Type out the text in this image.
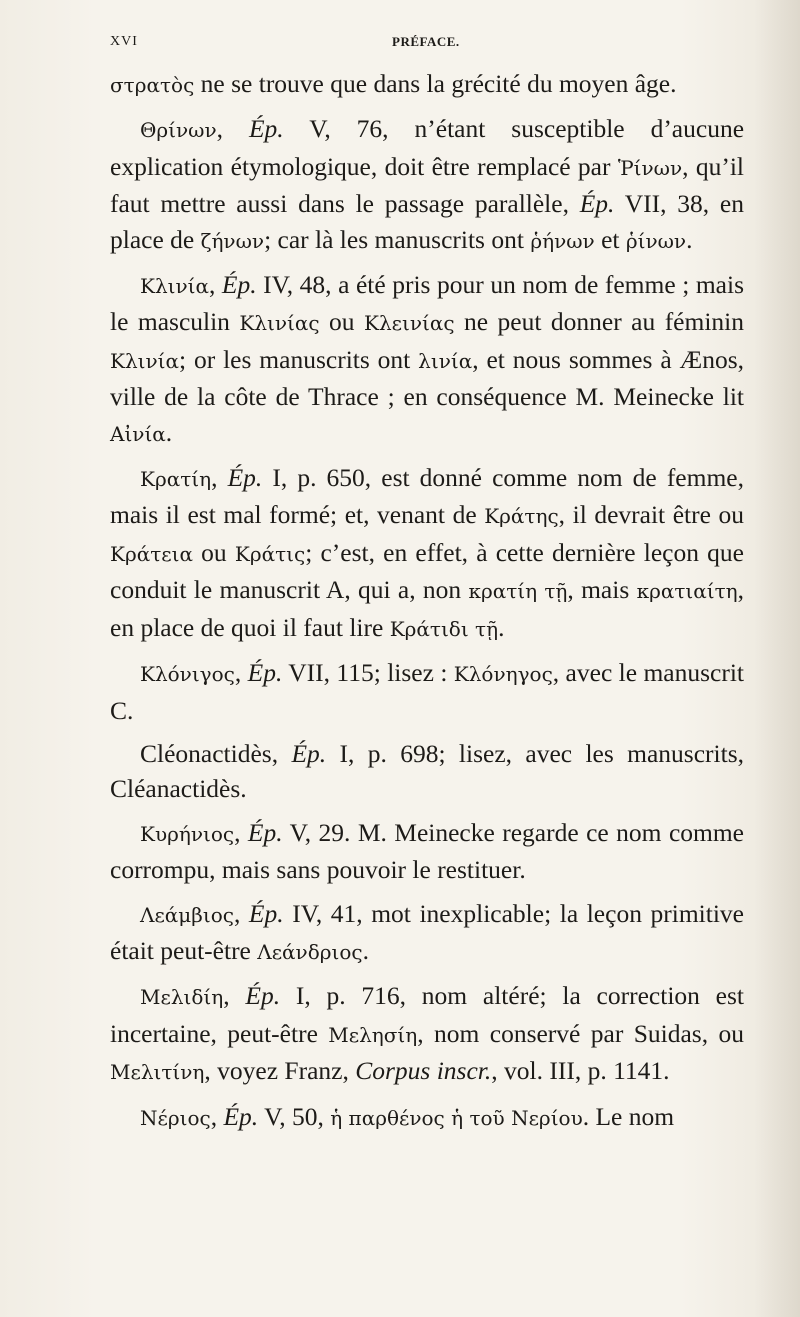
XVI	PRÉFACE.

στρατὸς ne se trouve que dans la grécité du moyen âge.

Θρίνων, Ép. V, 76, n’étant susceptible d’aucune explication étymologique, doit être remplacé par Ῥίνων, qu’il faut mettre aussi dans le passage parallèle, Ép. VII, 38, en place de ζήνων; car là les manuscrits ont ῥήνων et ῥίνων.

Κλινία, Ép. IV, 48, a été pris pour un nom de femme ; mais le masculin Κλινίας ou Κλεινίας ne peut donner au féminin Κλινία; or les manuscrits ont λινία, et nous sommes à Ænos, ville de la côte de Thrace ; en conséquence M. Meinecke lit Αἰνία.

Κρατίη, Ép. I, p. 650, est donné comme nom de femme, mais il est mal formé; et, venant de Κράτης, il devrait être ou Κράτεια ou Κράτις; c’est, en effet, à cette dernière leçon que conduit le manuscrit A, qui a, non κρατίη τῇ, mais κρατιαίτη, en place de quoi il faut lire Κράτιδι τῇ.

Κλόνιγος, Ép. VII, 115; lisez : Κλόνηγος, avec le manuscrit C.

Cléonactidès, Ép. I, p. 698; lisez, avec les manuscrits, Cléanactidès.

Κυρήνιος, Ép. V, 29. M. Meinecke regarde ce nom comme corrompu, mais sans pouvoir le restituer.

Λεάμβιος, Ép. IV, 41, mot inexplicable; la leçon primitive était peut-être Λεάνδριος.

Μελιδίη, Ép. I, p. 716, nom altéré; la correction est incertaine, peut-être Μελησίη, nom conservé par Suidas, ou Μελιτίνη, voyez Franz, Corpus inscr., vol. III, p. 1141.

Νέριος, Ép. V, 50, ἡ παρθένος ἡ τοῦ Νερίου. Le nom
